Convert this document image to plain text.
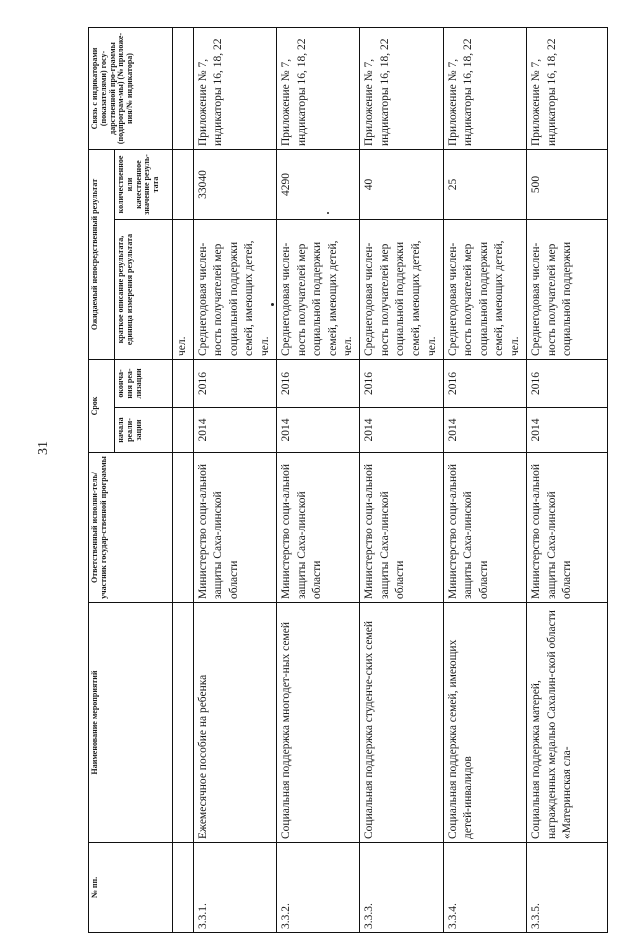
31
№ пп.	Наименование мероприятий	Ответственный исполни-тель/участник государ-ственной программы	Срок		Ожидаемый непосредственный результат		Связь с индикаторами (показателями) госу-дарственной про-граммы (подпрограм-мы) (№ приложе-ния/№ индикатора)
			начала реали-зации	оконча-ния реа-лизации	краткое описание результата, единица измерения результата	количественное или качественное значение резуль-тата	
					чел.		
3.3.1.	Ежемесячное пособие на ребенка	Министерство соци-альной защиты Саха-линской области	2014	2016	Среднегодовая числен-ность получателей мер социальной поддержки семей, имеющих детей, чел.	33040	Приложение № 7, индикаторы 16, 18, 22
3.3.2.	Социальная поддержка многодет-ных семей	Министерство соци-альной защиты Саха-линской области	2014	2016	Среднегодовая числен-ность получателей мер социальной поддержки семей, имеющих детей, чел.	4290	Приложение № 7, индикаторы 16, 18, 22
3.3.3.	Социальная поддержка студенче-ских семей	Министерство соци-альной защиты Саха-линской области	2014	2016	Среднегодовая числен-ность получателей мер социальной поддержки семей, имеющих детей, чел.	40	Приложение № 7, индикаторы 16, 18, 22
3.3.4.	Социальная поддержка семей, имеющих детей-инвалидов	Министерство соци-альной защиты Саха-линской области	2014	2016	Среднегодовая числен-ность получателей мер социальной поддержки семей, имеющих детей, чел.	25	Приложение № 7, индикаторы 16, 18, 22
3.3.5.	Социальная поддержка матерей, награжденных медалью Сахалин-ской области «Материнская сла-	Министерство соци-альной защиты Саха-линской области	2014	2016	Среднегодовая числен-ность получателей мер социальной поддержки	500	Приложение № 7, индикаторы 16, 18, 22
